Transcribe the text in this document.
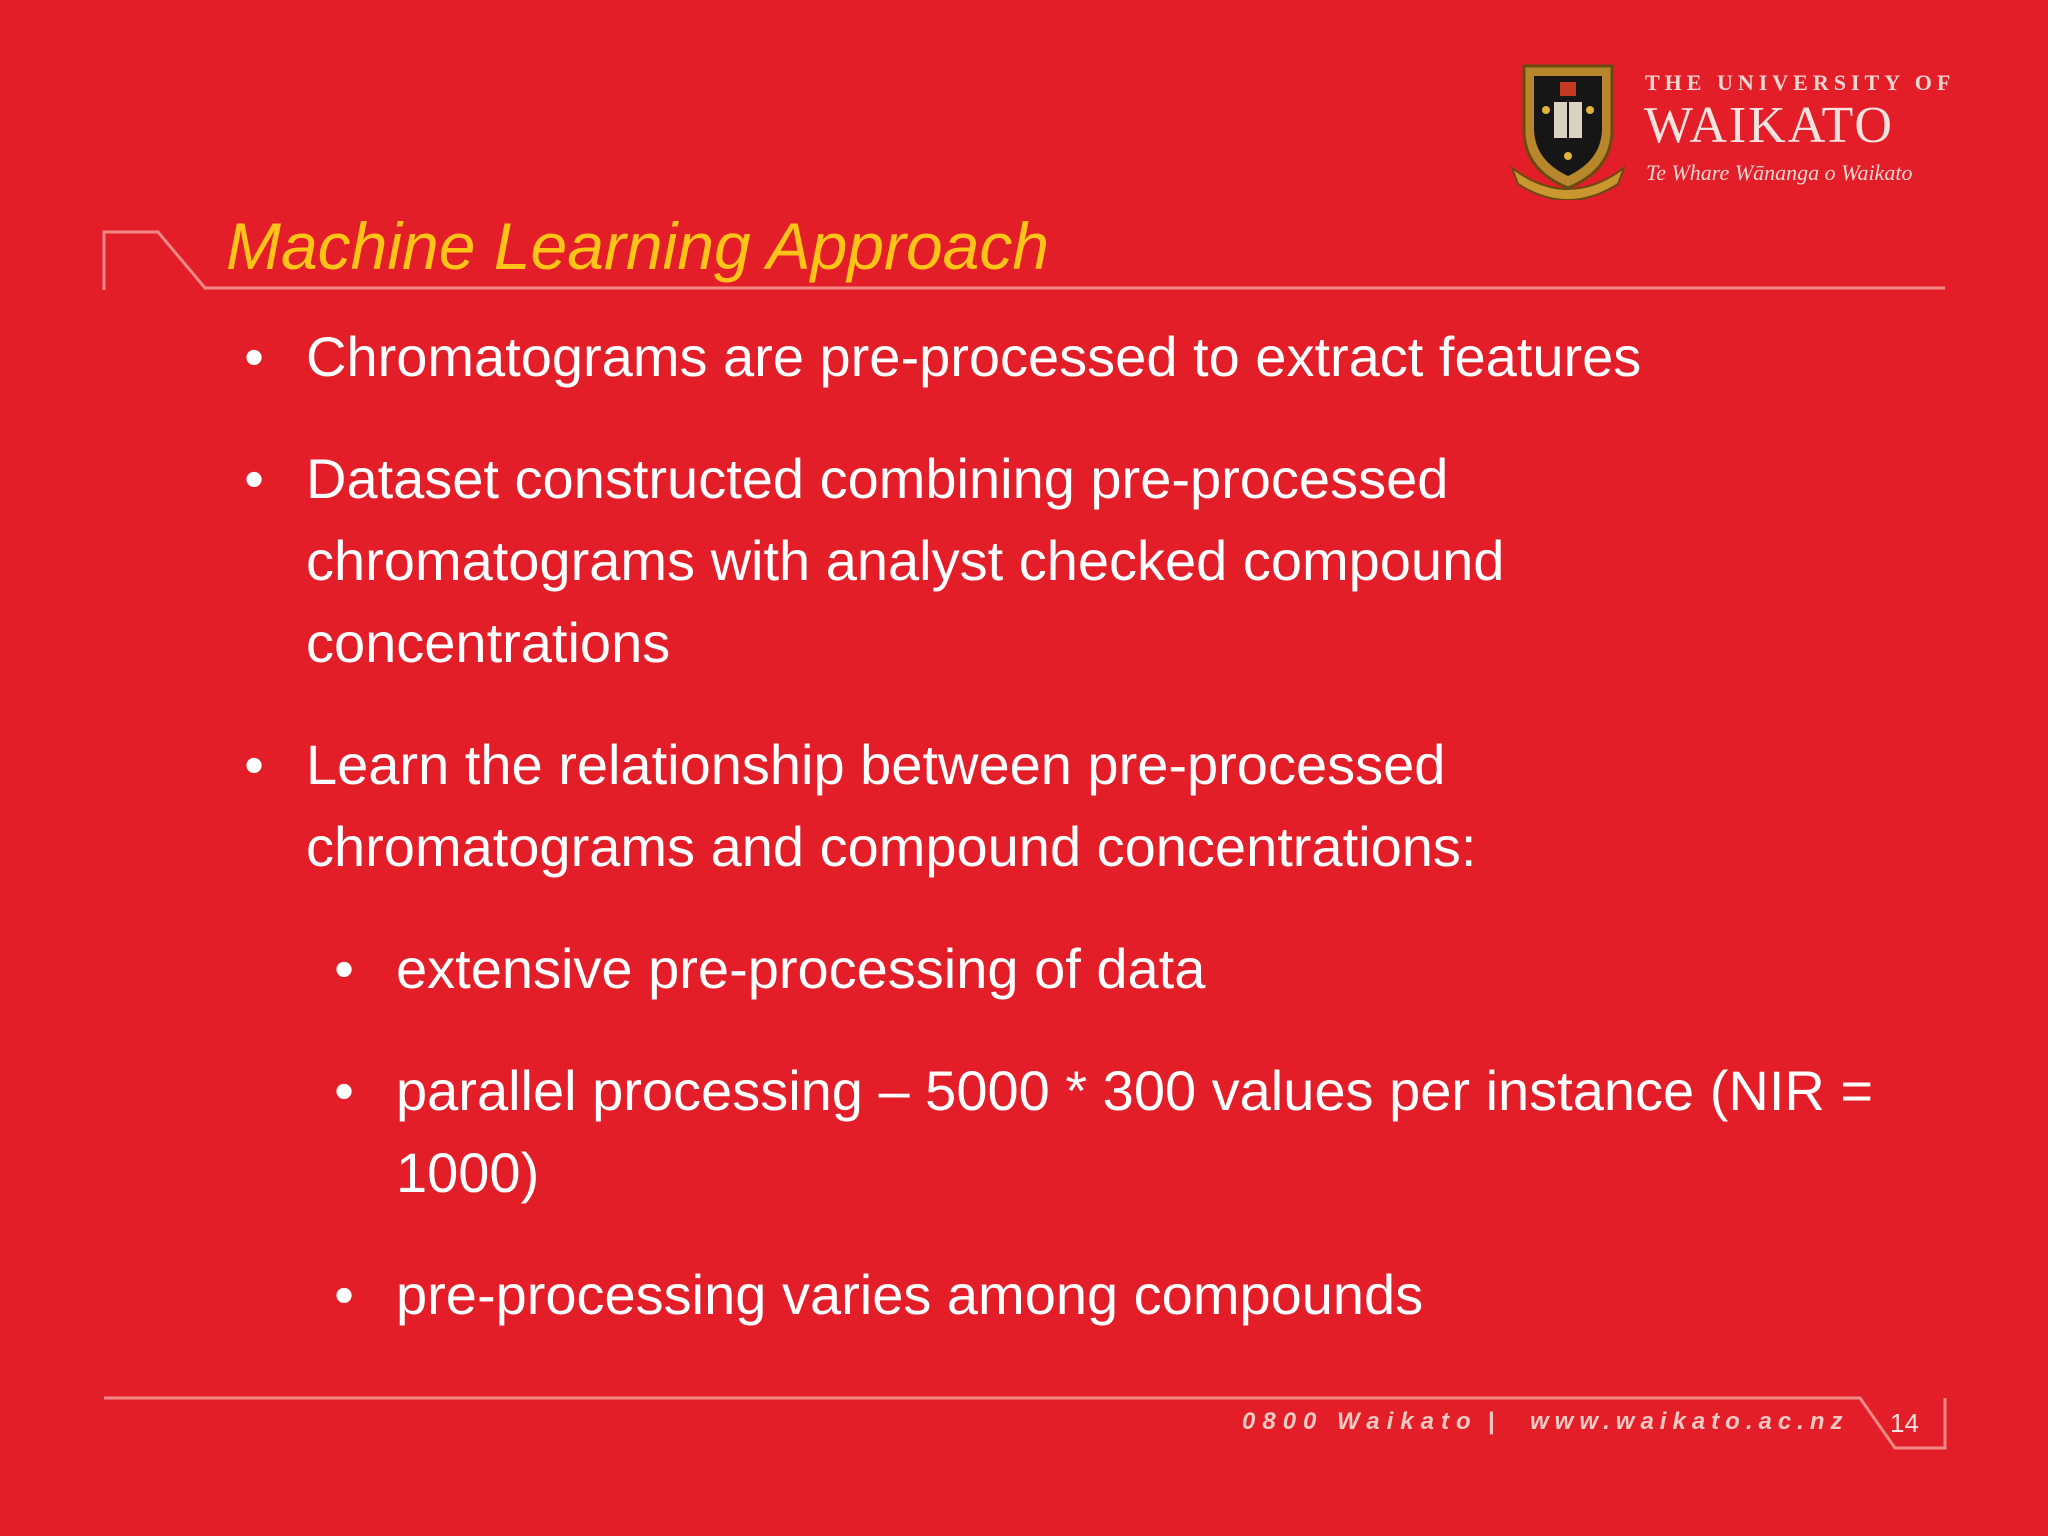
THE UNIVERSITY OF
WAIKATO
Te Whare Wānanga o Waikato
Machine Learning Approach
• Chromatograms are pre-processed to extract features
• Dataset constructed combining pre-processed chromatograms with analyst checked compound concentrations
• Learn the relationship between pre-processed chromatograms and compound concentrations:
• extensive pre-processing of data
• parallel processing – 5000 * 300 values per instance (NIR = 1000)
• pre-processing varies among compounds
0800 Waikato | www.waikato.ac.nz 14
